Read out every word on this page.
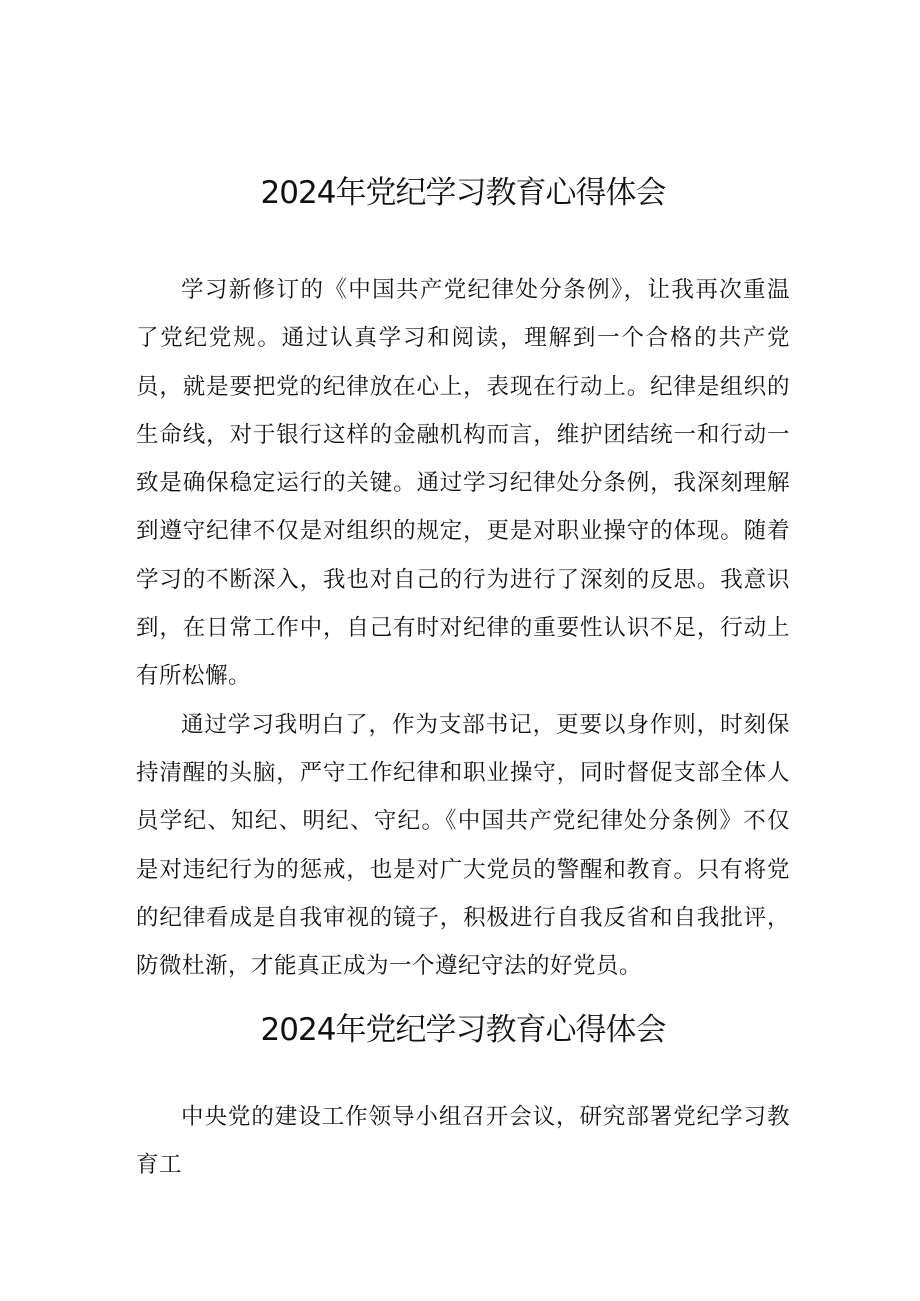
2024年党纪学习教育心得体会

学习新修订的《中国共产党纪律处分条例》，让我再次重温了党纪党规。通过认真学习和阅读，理解到一个合格的共产党员，就是要把党的纪律放在心上，表现在行动上。纪律是组织的生命线，对于银行这样的金融机构而言，维护团结统一和行动一致是确保稳定运行的关键。通过学习纪律处分条例，我深刻理解到遵守纪律不仅是对组织的规定，更是对职业操守的体现。随着学习的不断深入，我也对自己的行为进行了深刻的反思。我意识到，在日常工作中，自己有时对纪律的重要性认识不足，行动上有所松懈。

通过学习我明白了，作为支部书记，更要以身作则，时刻保持清醒的头脑，严守工作纪律和职业操守，同时督促支部全体人员学纪、知纪、明纪、守纪。《中国共产党纪律处分条例》不仅是对违纪行为的惩戒，也是对广大党员的警醒和教育。只有将党的纪律看成是自我审视的镜子，积极进行自我反省和自我批评，防微杜渐，才能真正成为一个遵纪守法的好党员。

2024年党纪学习教育心得体会

中央党的建设工作领导小组召开会议，研究部署党纪学习教育工
